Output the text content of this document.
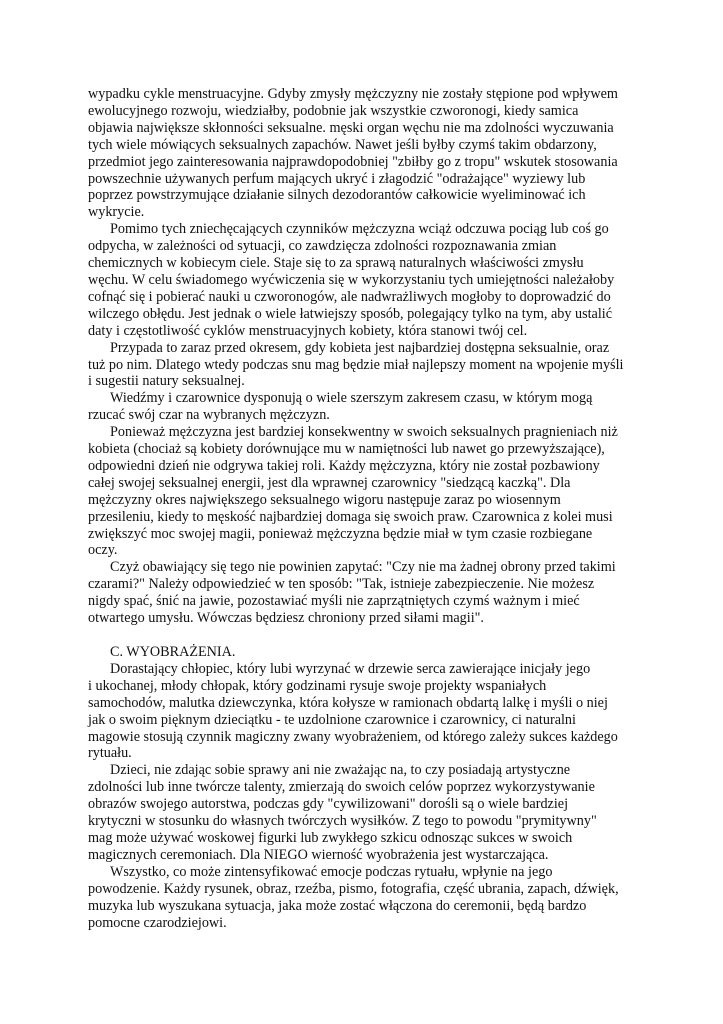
wypadku cykle menstruacyjne. Gdyby zmysły mężczyzny nie zostały stępione pod wpływem
ewolucyjnego rozwoju, wiedziałby, podobnie jak wszystkie czworonogi, kiedy samica
objawia największe skłonności seksualne. męski organ węchu nie ma zdolności wyczuwania
tych wiele mówiących seksualnych zapachów. Nawet jeśli byłby czymś takim obdarzony,
przedmiot jego zainteresowania najprawdopodobniej "zbiłby go z tropu" wskutek stosowania
powszechnie używanych perfum mających ukryć i złagodzić "odrażające" wyziewy lub
poprzez powstrzymujące działanie silnych dezodorantów całkowicie wyeliminować ich
wykrycie.

Pomimo tych zniechęcających czynników mężczyzna wciąż odczuwa pociąg lub coś go
odpycha, w zależności od sytuacji, co zawdzięcza zdolności rozpoznawania zmian
chemicznych w kobiecym ciele. Staje się to za sprawą naturalnych właściwości zmysłu
węchu. W celu świadomego wyćwiczenia się w wykorzystaniu tych umiejętności należałoby
cofnąć się i pobierać nauki u czworonogów, ale nadwrażliwych mogłoby to doprowadzić do
wilczego obłędu. Jest jednak o wiele łatwiejszy sposób, polegający tylko na tym, aby ustalić
daty i częstotliwość cyklów menstruacyjnych kobiety, która stanowi twój cel.

Przypada to zaraz przed okresem, gdy kobieta jest najbardziej dostępna seksualnie, oraz
tuż po nim. Dlatego wtedy podczas snu mag będzie miał najlepszy moment na wpojenie myśli
i sugestii natury seksualnej.

Wiedźmy i czarownice dysponują o wiele szerszym zakresem czasu, w którym mogą
rzucać swój czar na wybranych mężczyzn.

Ponieważ mężczyzna jest bardziej konsekwentny w swoich seksualnych pragnieniach niż
kobieta (chociaż są kobiety dorównujące mu w namiętności lub nawet go przewyższające),
odpowiedni dzień nie odgrywa takiej roli. Każdy mężczyzna, który nie został pozbawiony
całej swojej seksualnej energii, jest dla wprawnej czarownicy "siedzącą kaczką". Dla
mężczyzny okres największego seksualnego wigoru następuje zaraz po wiosennym
przesileniu, kiedy to męskość najbardziej domaga się swoich praw. Czarownica z kolei musi
zwiększyć moc swojej magii, ponieważ mężczyzna będzie miał w tym czasie rozbiegane
oczy.

Czyż obawiający się tego nie powinien zapytać: "Czy nie ma żadnej obrony przed takimi
czarami?" Należy odpowiedzieć w ten sposób: "Tak, istnieje zabezpieczenie. Nie możesz
nigdy spać, śnić na jawie, pozostawiać myśli nie zaprzątniętych czymś ważnym i mieć
otwartego umysłu. Wówczas będziesz chroniony przed siłami magii".

C. WYOBRAŻENIA.

Dorastający chłopiec, który lubi wyrzynać w drzewie serca zawierające inicjały jego
i ukochanej, młody chłopak, który godzinami rysuje swoje projekty wspaniałych
samochodów, malutka dziewczynka, która kołysze w ramionach obdartą lalkę i myśli o niej
jak o swoim pięknym dzieciątku - te uzdolnione czarownice i czarownicy, ci naturalni
magowie stosują czynnik magiczny zwany wyobrażeniem, od którego zależy sukces każdego
rytuału.

Dzieci, nie zdając sobie sprawy ani nie zważając na, to czy posiadają artystyczne
zdolności lub inne twórcze talenty, zmierzają do swoich celów poprzez wykorzystywanie
obrazów swojego autorstwa, podczas gdy "cywilizowani" dorośli są o wiele bardziej
krytyczni w stosunku do własnych twórczych wysiłków. Z tego to powodu "prymitywny"
mag może używać woskowej figurki lub zwykłego szkicu odnosząc sukces w swoich
magicznych ceremoniach. Dla NIEGO wierność wyobrażenia jest wystarczająca.

Wszystko, co może zintensyfikować emocje podczas rytuału, wpłynie na jego
powodzenie. Każdy rysunek, obraz, rzeźba, pismo, fotografia, część ubrania, zapach, dźwięk,
muzyka lub wyszukana sytuacja, jaka może zostać włączona do ceremonii, będą bardzo
pomocne czarodziejowi.
